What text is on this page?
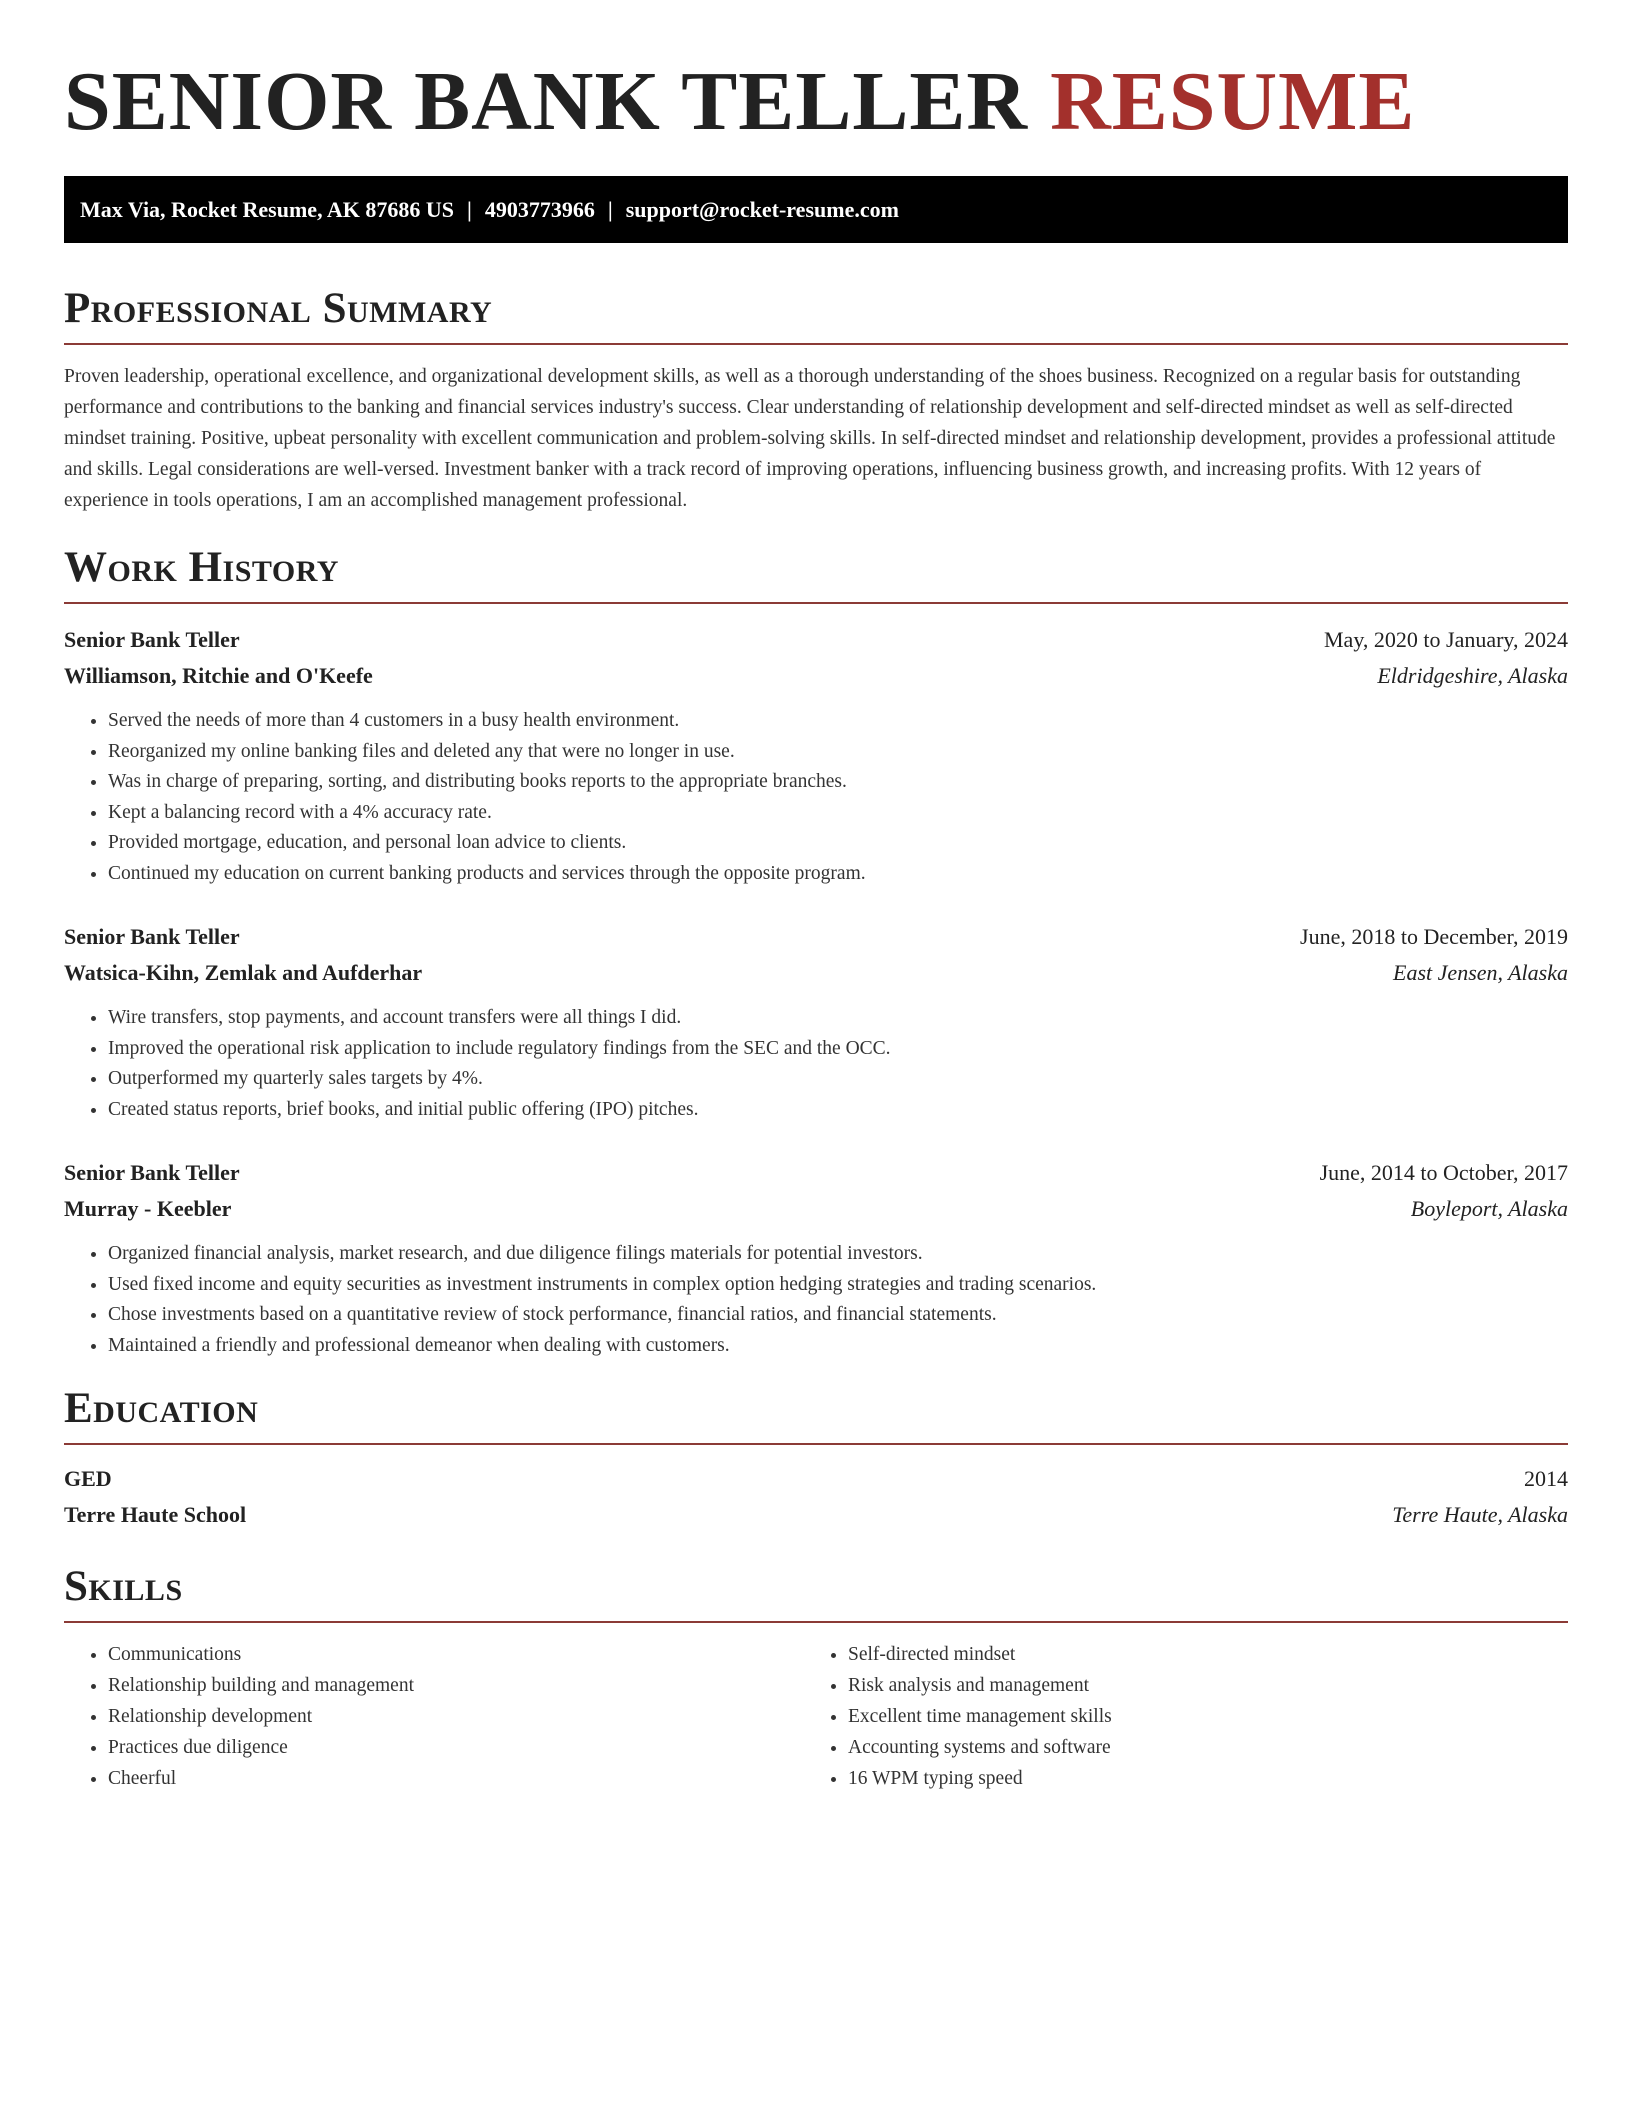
SENIOR BANK TELLER RESUME
Max Via, Rocket Resume, AK 87686 US | 4903773966 | support@rocket-resume.com
Professional Summary

Proven leadership, operational excellence, and organizational development skills, as well as a thorough understanding of the shoes business. Recognized on a regular basis for outstanding performance and contributions to the banking and financial services industry's success. Clear understanding of relationship development and self-directed mindset as well as self-directed mindset training. Positive, upbeat personality with excellent communication and problem-solving skills. In self-directed mindset and relationship development, provides a professional attitude and skills. Legal considerations are well-versed. Investment banker with a track record of improving operations, influencing business growth, and increasing profits. With 12 years of experience in tools operations, I am an accomplished management professional.

Work History
Senior Bank Teller	May, 2020 to January, 2024
Williamson, Ritchie and O'Keefe	Eldridgeshire, Alaska
• Served the needs of more than 4 customers in a busy health environment.
• Reorganized my online banking files and deleted any that were no longer in use.
• Was in charge of preparing, sorting, and distributing books reports to the appropriate branches.
• Kept a balancing record with a 4% accuracy rate.
• Provided mortgage, education, and personal loan advice to clients.
• Continued my education on current banking products and services through the opposite program.
Senior Bank Teller	June, 2018 to December, 2019
Watsica-Kihn, Zemlak and Aufderhar	East Jensen, Alaska
• Wire transfers, stop payments, and account transfers were all things I did.
• Improved the operational risk application to include regulatory findings from the SEC and the OCC.
• Outperformed my quarterly sales targets by 4%.
• Created status reports, brief books, and initial public offering (IPO) pitches.
Senior Bank Teller	June, 2014 to October, 2017
Murray - Keebler	Boyleport, Alaska
• Organized financial analysis, market research, and due diligence filings materials for potential investors.
• Used fixed income and equity securities as investment instruments in complex option hedging strategies and trading scenarios.
• Chose investments based on a quantitative review of stock performance, financial ratios, and financial statements.
• Maintained a friendly and professional demeanor when dealing with customers.
Education
GED	2014
Terre Haute School	Terre Haute, Alaska
Skills
• Communications
• Relationship building and management
• Relationship development
• Practices due diligence
• Cheerful
• Self-directed mindset
• Risk analysis and management
• Excellent time management skills
• Accounting systems and software
• 16 WPM typing speed
